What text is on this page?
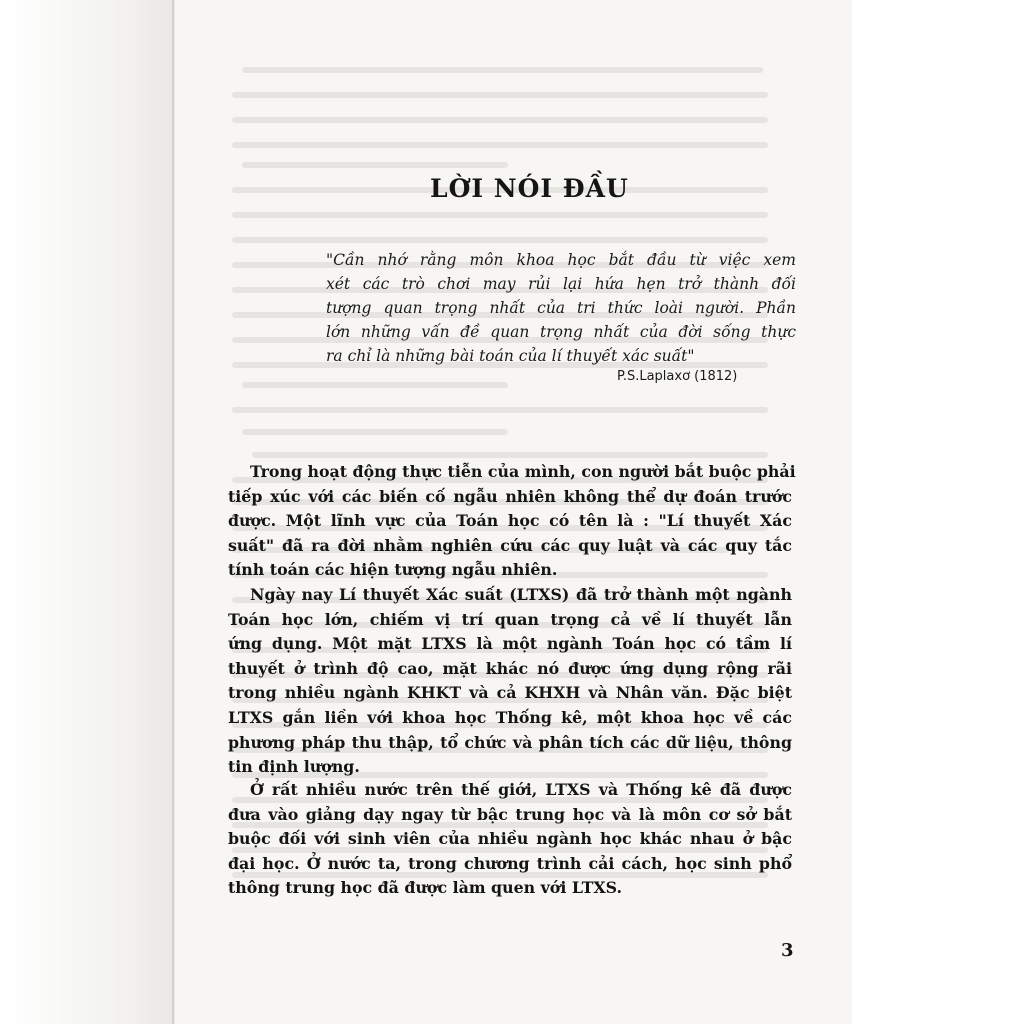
LỜI NÓI ĐẦU
"Cần nhớ rằng môn khoa học bắt đầu từ việc xem
xét các trò chơi may rủi lại hứa hẹn trở thành đối
tượng quan trọng nhất của tri thức loài người. Phần
lớn những vấn đề quan trọng nhất của đời sống thực
ra chỉ là những bài toán của lí thuyết xác suất"
P.S.Laplaxơ (1812)
Trong hoạt động thực tiễn của mình, con người bắt buộc phải
tiếp xúc với các biến cố ngẫu nhiên không thể dự đoán trước
được. Một lĩnh vực của Toán học có tên là : "Lí thuyết Xác
suất" đã ra đời nhằm nghiên cứu các quy luật và các quy tắc
tính toán các hiện tượng ngẫu nhiên.
Ngày nay Lí thuyết Xác suất (LTXS) đã trở thành một ngành
Toán học lớn, chiếm vị trí quan trọng cả về lí thuyết lẫn
ứng dụng. Một mặt LTXS là một ngành Toán học có tầm lí
thuyết ở trình độ cao, mặt khác nó được ứng dụng rộng rãi
trong nhiều ngành KHKT và cả KHXH và Nhân văn. Đặc biệt
LTXS gắn liền với khoa học Thống kê, một khoa học về các
phương pháp thu thập, tổ chức và phân tích các dữ liệu, thông
tin định lượng.
Ở rất nhiều nước trên thế giới, LTXS và Thống kê đã được
đưa vào giảng dạy ngay từ bậc trung học và là môn cơ sở bắt
buộc đối với sinh viên của nhiều ngành học khác nhau ở bậc
đại học. Ở nước ta, trong chương trình cải cách, học sinh phổ
thông trung học đã được làm quen với LTXS.
3
